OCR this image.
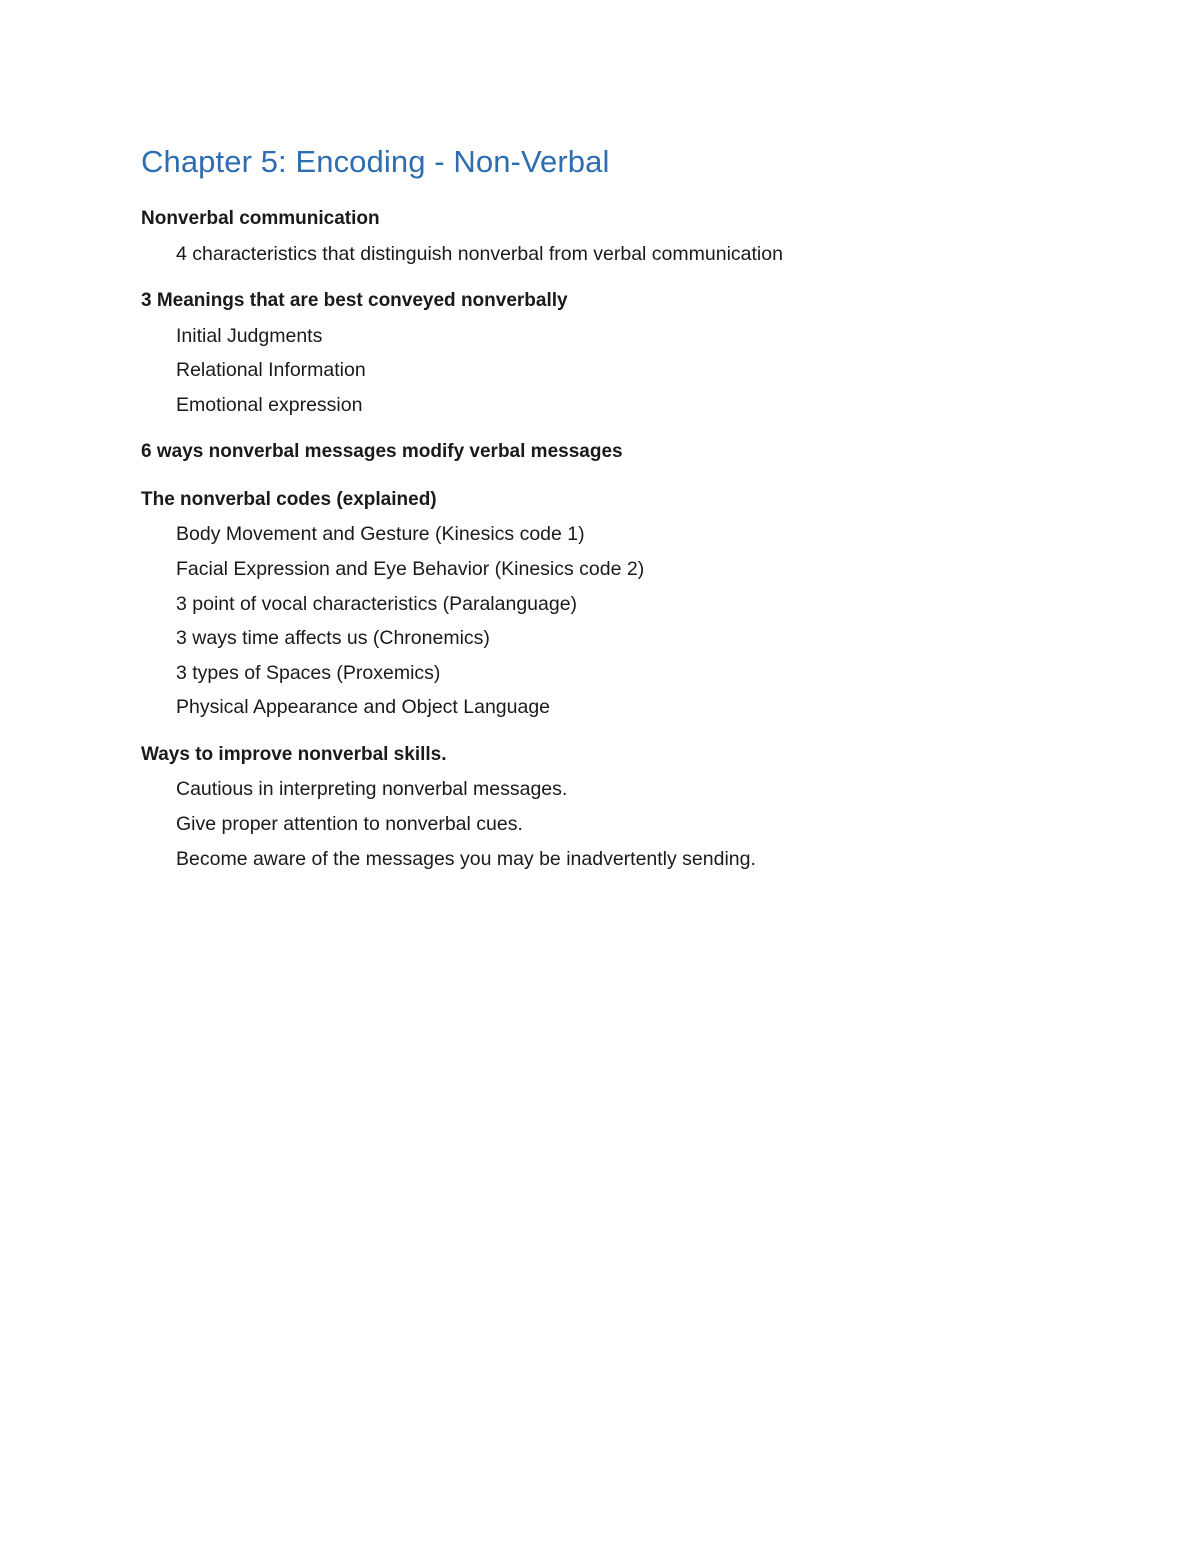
Chapter 5: Encoding - Non-Verbal

Nonverbal communication

4 characteristics that distinguish nonverbal from verbal communication

3 Meanings that are best conveyed nonverbally

Initial Judgments

Relational Information

Emotional expression

6 ways nonverbal messages modify verbal messages

The nonverbal codes (explained)

Body Movement and Gesture (Kinesics code 1)

Facial Expression and Eye Behavior (Kinesics code 2)

3 point of vocal characteristics (Paralanguage)

3 ways time affects us (Chronemics)

3 types of Spaces (Proxemics)

Physical Appearance and Object Language

Ways to improve nonverbal skills.

Cautious in interpreting nonverbal messages.

Give proper attention to nonverbal cues.

Become aware of the messages you may be inadvertently sending.
